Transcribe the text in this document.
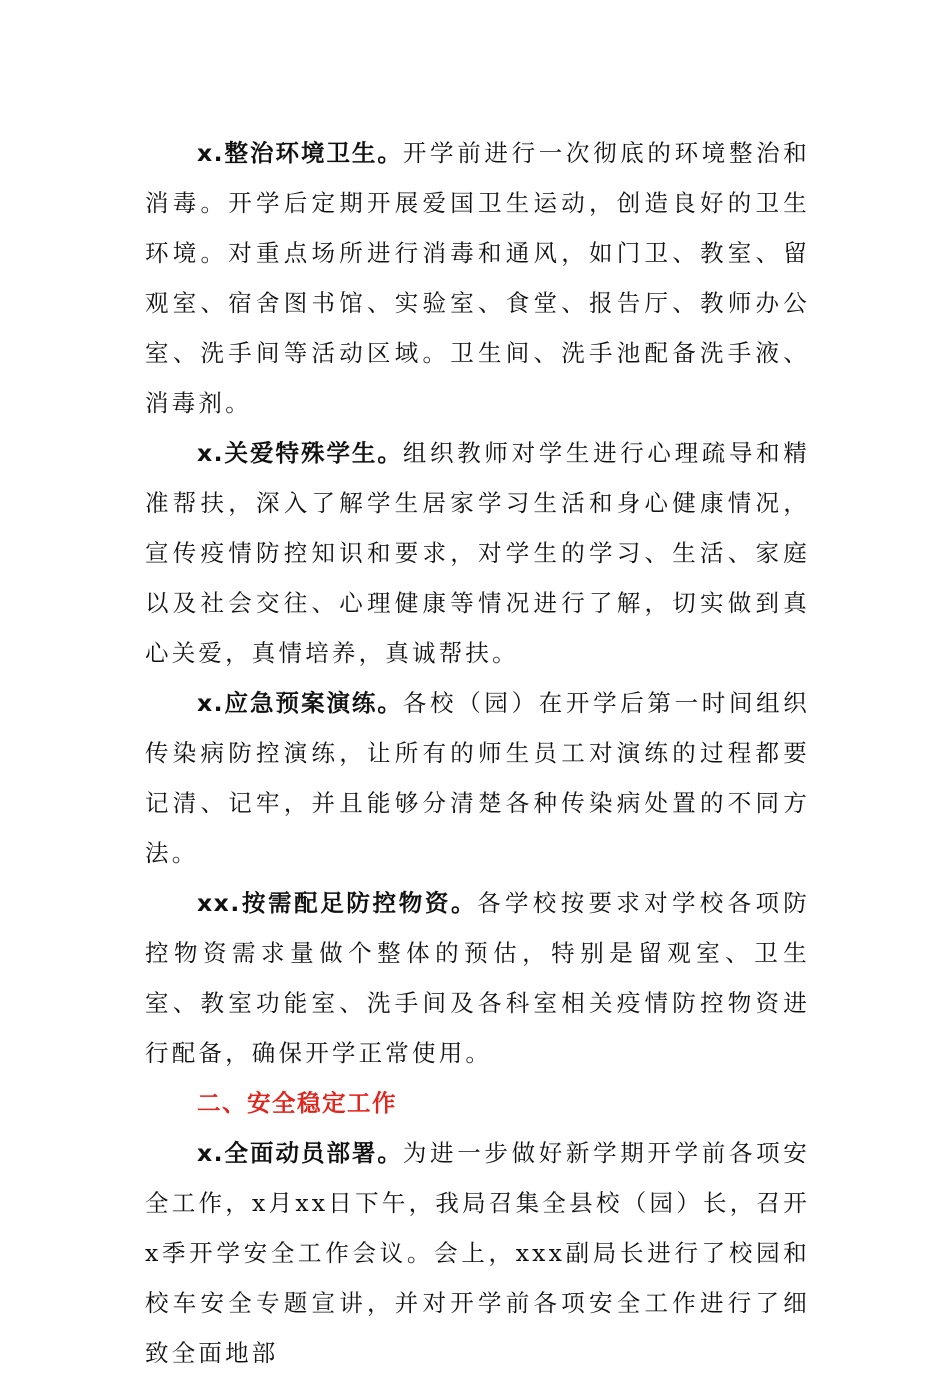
x.整治环境卫生。开学前进行一次彻底的环境整治和消毒。开学后定期开展爱国卫生运动，创造良好的卫生环境。对重点场所进行消毒和通风，如门卫、教室、留观室、宿舍图书馆、实验室、食堂、报告厅、教师办公室、洗手间等活动区域。卫生间、洗手池配备洗手液、消毒剂。

x.关爱特殊学生。组织教师对学生进行心理疏导和精准帮扶，深入了解学生居家学习生活和身心健康情况，宣传疫情防控知识和要求，对学生的学习、生活、家庭以及社会交往、心理健康等情况进行了解，切实做到真心关爱，真情培养，真诚帮扶。

x.应急预案演练。各校（园）在开学后第一时间组织传染病防控演练，让所有的师生员工对演练的过程都要记清、记牢，并且能够分清楚各种传染病处置的不同方法。

xx.按需配足防控物资。各学校按要求对学校各项防控物资需求量做个整体的预估，特别是留观室、卫生室、教室功能室、洗手间及各科室相关疫情防控物资进行配备，确保开学正常使用。

二、安全稳定工作

x.全面动员部署。为进一步做好新学期开学前各项安全工作，x月xx日下午，我局召集全县校（园）长，召开x季开学安全工作会议。会上，xxx副局长进行了校园和校车安全专题宣讲，并对开学前各项安全工作进行了细致全面地部
